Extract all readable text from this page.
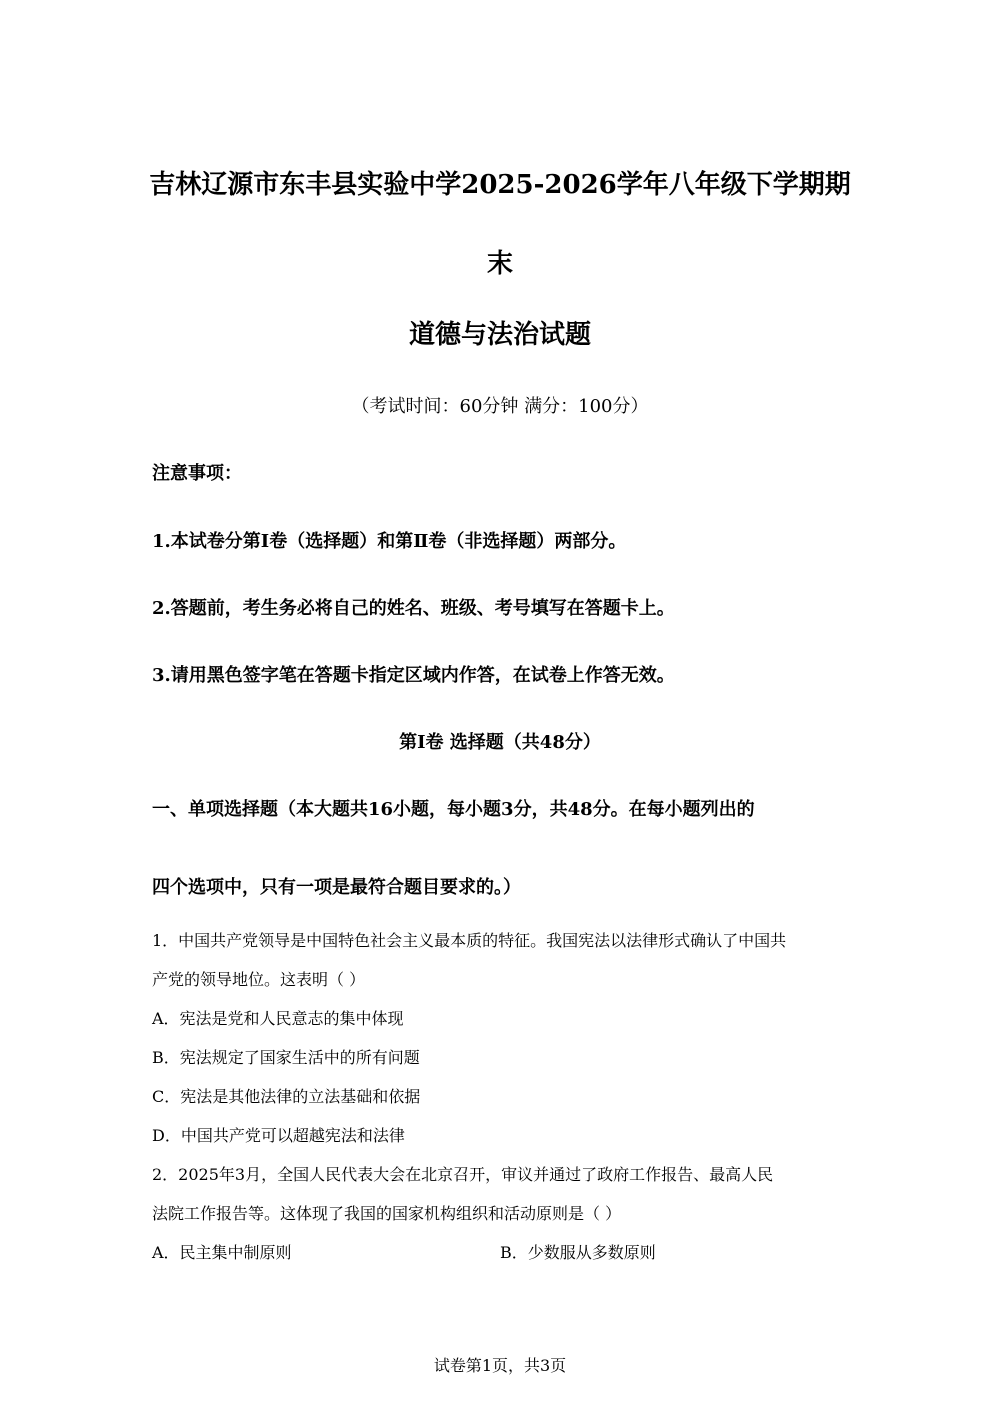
吉林辽源市东丰县实验中学2025-2026学年八年级下学期期
末
道德与法治试题
（考试时间：60分钟 满分：100分）
注意事项：
1.本试卷分第Ⅰ卷（选择题）和第Ⅱ卷（非选择题）两部分。
2.答题前，考生务必将自己的姓名、班级、考号填写在答题卡上。
3.请用黑色签字笔在答题卡指定区域内作答，在试卷上作答无效。
第Ⅰ卷 选择题（共48分）
一、单项选择题（本大题共16小题，每小题3分，共48分。在每小题列出的
四个选项中，只有一项是最符合题目要求的。）
1．中国共产党领导是中国特色社会主义最本质的特征。我国宪法以法律形式确认了中国共
产党的领导地位。这表明（ ）
A．宪法是党和人民意志的集中体现
B．宪法规定了国家生活中的所有问题
C．宪法是其他法律的立法基础和依据
D．中国共产党可以超越宪法和法律
2．2025年3月，全国人民代表大会在北京召开，审议并通过了政府工作报告、最高人民
法院工作报告等。这体现了我国的国家机构组织和活动原则是（ ）
A．民主集中制原则	B．少数服从多数原则
试卷第1页，共3页
